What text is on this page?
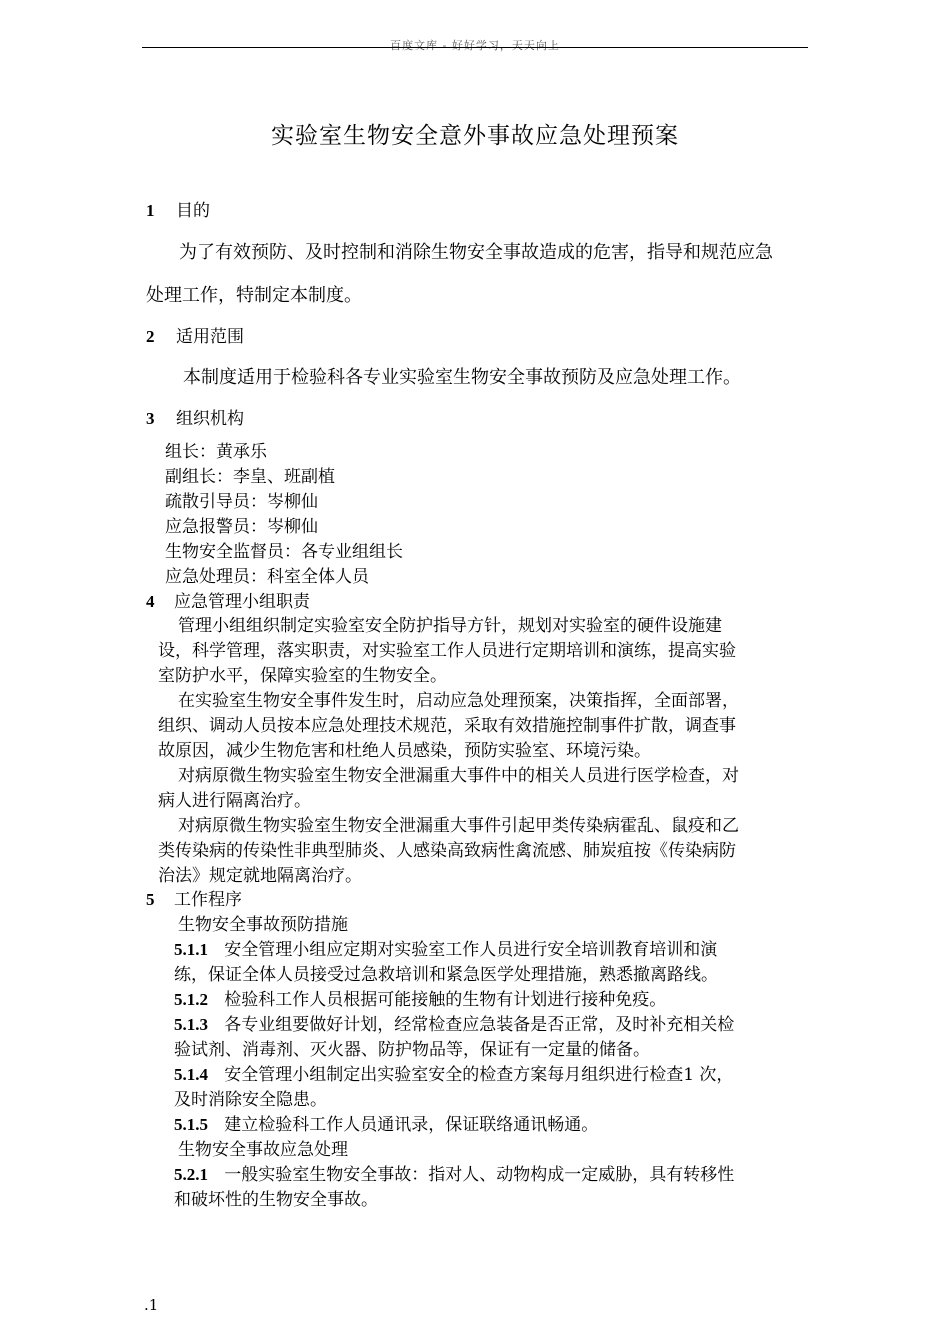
百度文库 - 好好学习，天天向上
实验室生物安全意外事故应急处理预案
1 目的
为了有效预防、及时控制和消除生物安全事故造成的危害，指导和规范应急
处理工作，特制定本制度。
2 适用范围
本制度适用于检验科各专业实验室生物安全事故预防及应急处理工作。
3 组织机构
组长：黄承乐
副组长：李皇、班副植
疏散引导员：岑柳仙
应急报警员：岑柳仙
生物安全监督员：各专业组组长
应急处理员：科室全体人员
4 应急管理小组职责
管理小组组织制定实验室安全防护指导方针，规划对实验室的硬件设施建
设，科学管理，落实职责，对实验室工作人员进行定期培训和演练，提高实验
室防护水平，保障实验室的生物安全。
在实验室生物安全事件发生时，启动应急处理预案，决策指挥，全面部署，
组织、调动人员按本应急处理技术规范，采取有效措施控制事件扩散，调查事
故原因，减少生物危害和杜绝人员感染，预防实验室、环境污染。
对病原微生物实验室生物安全泄漏重大事件中的相关人员进行医学检查，对
病人进行隔离治疗。
对病原微生物实验室生物安全泄漏重大事件引起甲类传染病霍乱、鼠疫和乙
类传染病的传染性非典型肺炎、人感染高致病性禽流感、肺炭疽按《传染病防
治法》规定就地隔离治疗。
5 工作程序
生物安全事故预防措施
5.1.1 安全管理小组应定期对实验室工作人员进行安全培训教育培训和演
练，保证全体人员接受过急救培训和紧急医学处理措施，熟悉撤离路线。
5.1.2 检验科工作人员根据可能接触的生物有计划进行接种免疫。
5.1.3 各专业组要做好计划，经常检查应急装备是否正常，及时补充相关检
验试剂、消毒剂、灭火器、防护物品等，保证有一定量的储备。
5.1.4 安全管理小组制定出实验室安全的检查方案每月组织进行检查1 次，
及时消除安全隐患。
5.1.5 建立检验科工作人员通讯录，保证联络通讯畅通。
生物安全事故应急处理
5.2.1 一般实验室生物安全事故：指对人、动物构成一定威胁，具有转移性
和破坏性的生物安全事故。
.1
